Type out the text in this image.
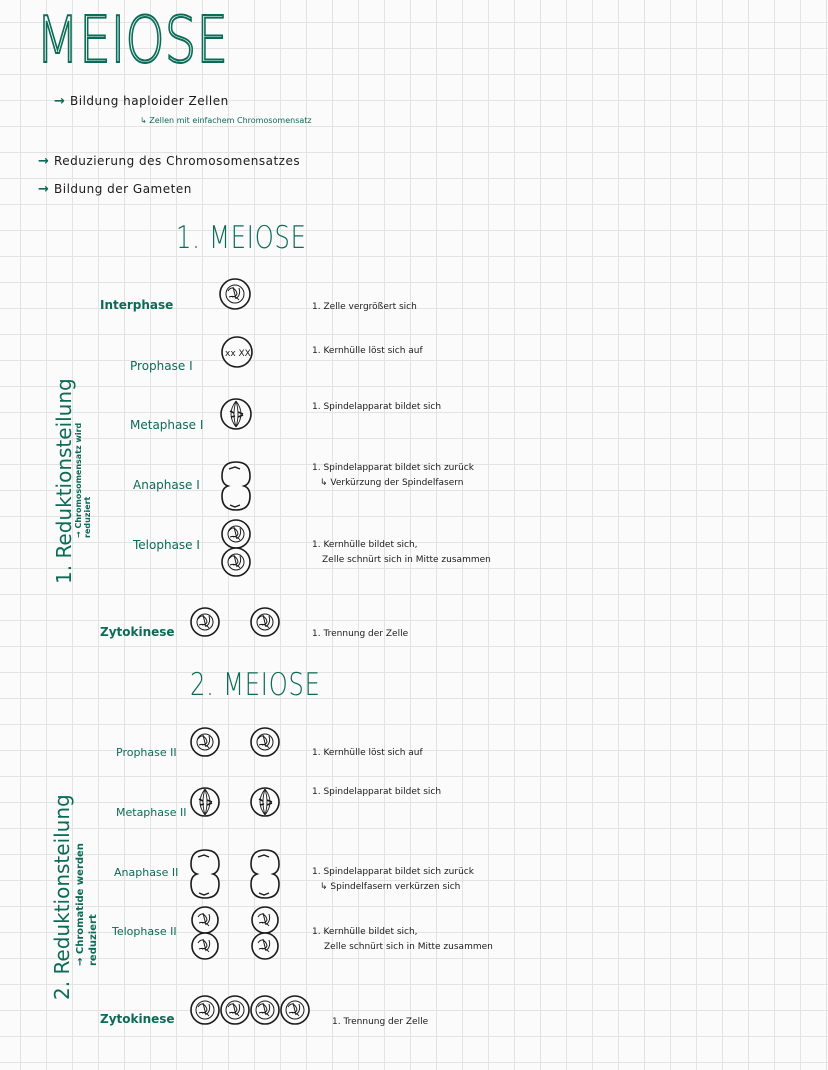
MEIOSE
→ Bildung haploider Zellen
↳ Zellen mit einfachem Chromosomensatz
→ Reduzierung des Chromosomensatzes
→ Bildung der Gameten
1. MEIOSE
1. Reduktionsteilung
→ Chromosomensatz wird reduziert
Interphase
Prophase I
Metaphase I
Anaphase I
Telophase I
Zytokinese
1. Zelle vergrößert sich
1. Kernhülle löst sich auf
1. Spindelapparat bildet sich
1. Spindelapparat bildet sich zurück
↳ Verkürzung der Spindelfasern
1. Kernhülle bildet sich,
Zelle schnürt sich in Mitte zusammen
1. Trennung der Zelle
2. MEIOSE
2. Reduktionsteilung → Chromatide werden reduziert
Prophase II
Metaphase II
Anaphase II
Telophase II
Zytokinese
1. Kernhülle löst sich auf
1. Spindelapparat bildet sich
1. Spindelapparat bildet sich zurück
↳ Spindelfasern verkürzen sich
1. Kernhülle bildet sich,
Zelle schnürt sich in Mitte zusammen
1. Trennung der Zelle
xx XX
